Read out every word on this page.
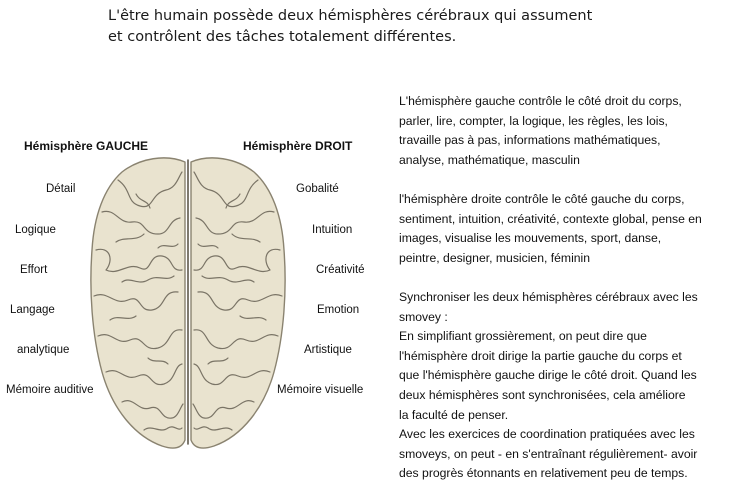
L'être humain possède deux hémisphères cérébraux qui assument
et contrôlent des tâches totalement différentes.
Hémisphère GAUCHE	Hémisphère DROIT
Détail
Logique
Effort
Langage
analytique
Mémoire auditive
Gobalité
Intuition
Créativité
Emotion
Artistique
Mémoire visuelle
L'hémisphère gauche contrôle le côté droit du corps,
parler, lire, compter, la logique, les règles, les lois,
travaille pas à pas, informations mathématiques,
analyse, mathématique, masculin
l'hémisphère droite contrôle le côté gauche du corps,
sentiment, intuition, créativité, contexte global, pense en
images, visualise les mouvements, sport, danse,
peintre, designer, musicien, féminin
Synchroniser les deux hémisphères cérébraux avec les
smovey :
En simplifiant grossièrement, on peut dire que
l'hémisphère droit dirige la partie gauche du corps et
que l'hémisphère gauche dirige le côté droit. Quand les
deux hémisphères sont synchronisées, cela améliore
la faculté de penser.
Avec les exercices de coordination pratiquées avec les
smoveys, on peut - en s'entraînant régulièrement- avoir
des progrès étonnants en relativement peu de temps.
